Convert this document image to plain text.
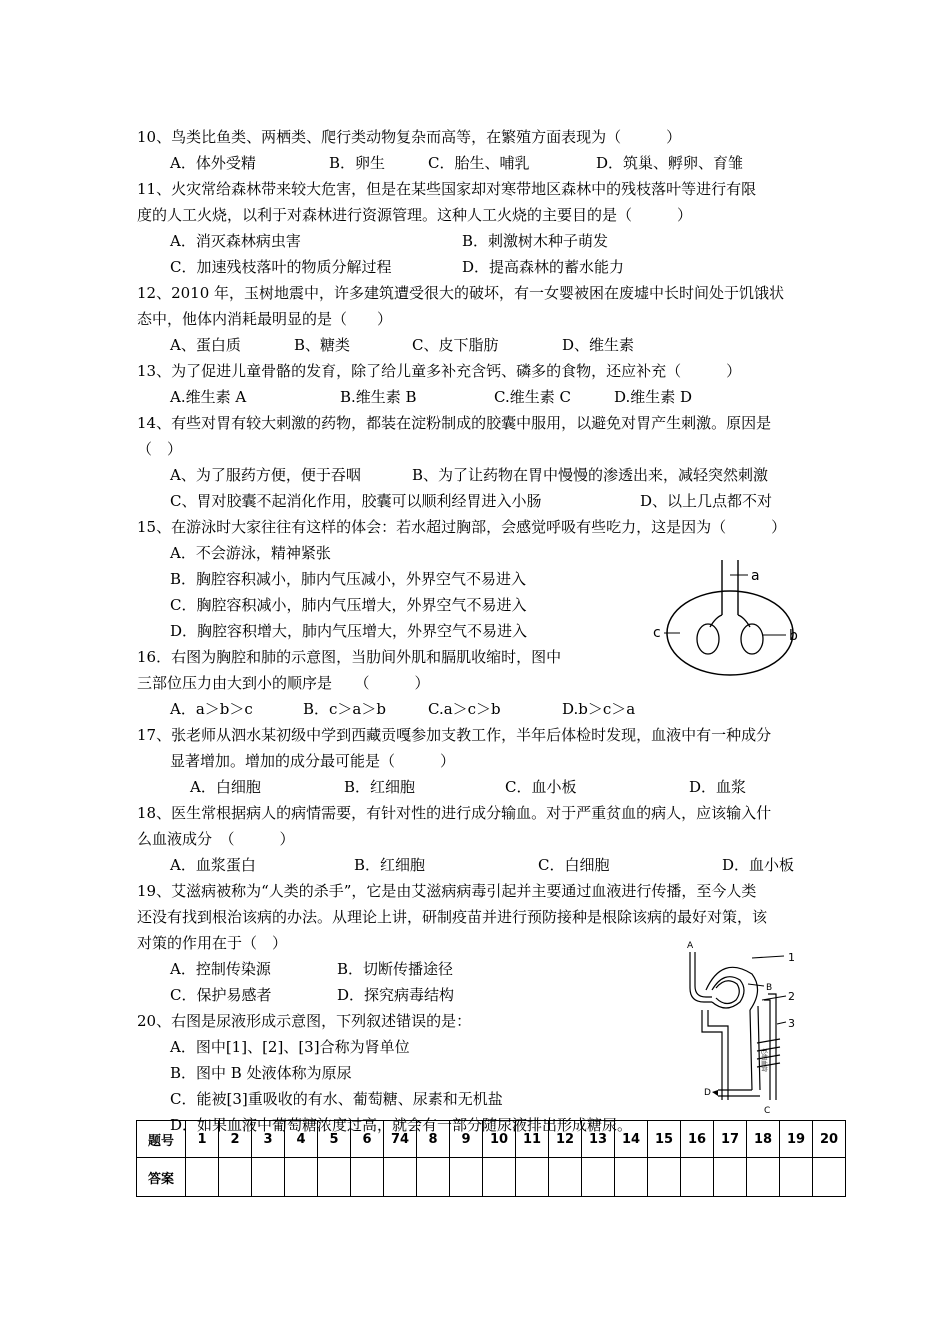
10、鸟类比鱼类、两栖类、爬行类动物复杂而高等，在繁殖方面表现为（　　　）
A．体外受精	B．卵生	C．胎生、哺乳	D．筑巢、孵卵、育雏
11、火灾常给森林带来较大危害，但是在某些国家却对寒带地区森林中的残枝落叶等进行有限
度的人工火烧，以利于对森林进行资源管理。这种人工火烧的主要目的是（　　　）
A．消灭森林病虫害	B．刺激树木种子萌发
C．加速残枝落叶的物质分解过程	D．提高森林的蓄水能力
12、2010 年，玉树地震中，许多建筑遭受很大的破坏，有一女婴被困在废墟中长时间处于饥饿状
态中，他体内消耗最明显的是（　　）
A、蛋白质	B、糖类	C、皮下脂肪	D、维生素
13、为了促进儿童骨骼的发育，除了给儿童多补充含钙、磷多的食物，还应补充（　　　）
A.维生素 A	B.维生素 B	C.维生素 C	D.维生素 D
14、有些对胃有较大刺激的药物，都装在淀粉制成的胶囊中服用，以避免对胃产生刺激。原因是
（　）
A、为了服药方便，便于吞咽	B、为了让药物在胃中慢慢的渗透出来，减轻突然刺激
C、胃对胶囊不起消化作用，胶囊可以顺利经胃进入小肠	D、以上几点都不对
15、在游泳时大家往往有这样的体会：若水超过胸部，会感觉呼吸有些吃力，这是因为（　　　）
A．不会游泳，精神紧张
B．胸腔容积减小，肺内气压减小，外界空气不易进入
C．胸腔容积减小，肺内气压增大，外界空气不易进入
D．胸腔容积增大，肺内气压增大，外界空气不易进入
16．右图为胸腔和肺的示意图，当肋间外肌和膈肌收缩时，图中
三部位压力由大到小的顺序是　　（　　　）
A．a＞b＞c	B．c＞a＞b	C.a＞c＞b	D.b＞c＞a
17、张老师从泗水某初级中学到西藏贡嘎参加支教工作，半年后体检时发现，血液中有一种成分
显著增加。增加的成分最可能是（　　　）
A．白细胞	B．红细胞	C．血小板	D．血浆
18、医生常根据病人的病情需要，有针对性的进行成分输血。对于严重贫血的病人，应该输入什
么血液成分　（　　　）
A．血浆蛋白	B．红细胞	C．白细胞	D．血小板
19、艾滋病被称为“人类的杀手”，它是由艾滋病病毒引起并主要通过血液进行传播，至今人类
还没有找到根治该病的办法。从理论上讲，研制疫苗并进行预防接种是根除该病的最好对策，该
对策的作用在于（　）
A．控制传染源	B．切断传播途径
C．保护易感者	D．探究病毒结构
20、右图是尿液形成示意图，下列叙述错误的是：
A．图中[1]、[2]、[3]合称为肾单位
B．图中 B 处液体称为原尿
C．能被[3]重吸收的有水、葡萄糖、尿素和无机盐
D．如果血液中葡萄糖浓度过高，就会有一部分随尿液排出形成糖尿。
a
b
c
A
B
C
D
1
2
3
毛细血管
题号	1	2	3	4	5	6	74	8	9	10	11	12	13	14	15	16	17	18	19	20
答案																				
